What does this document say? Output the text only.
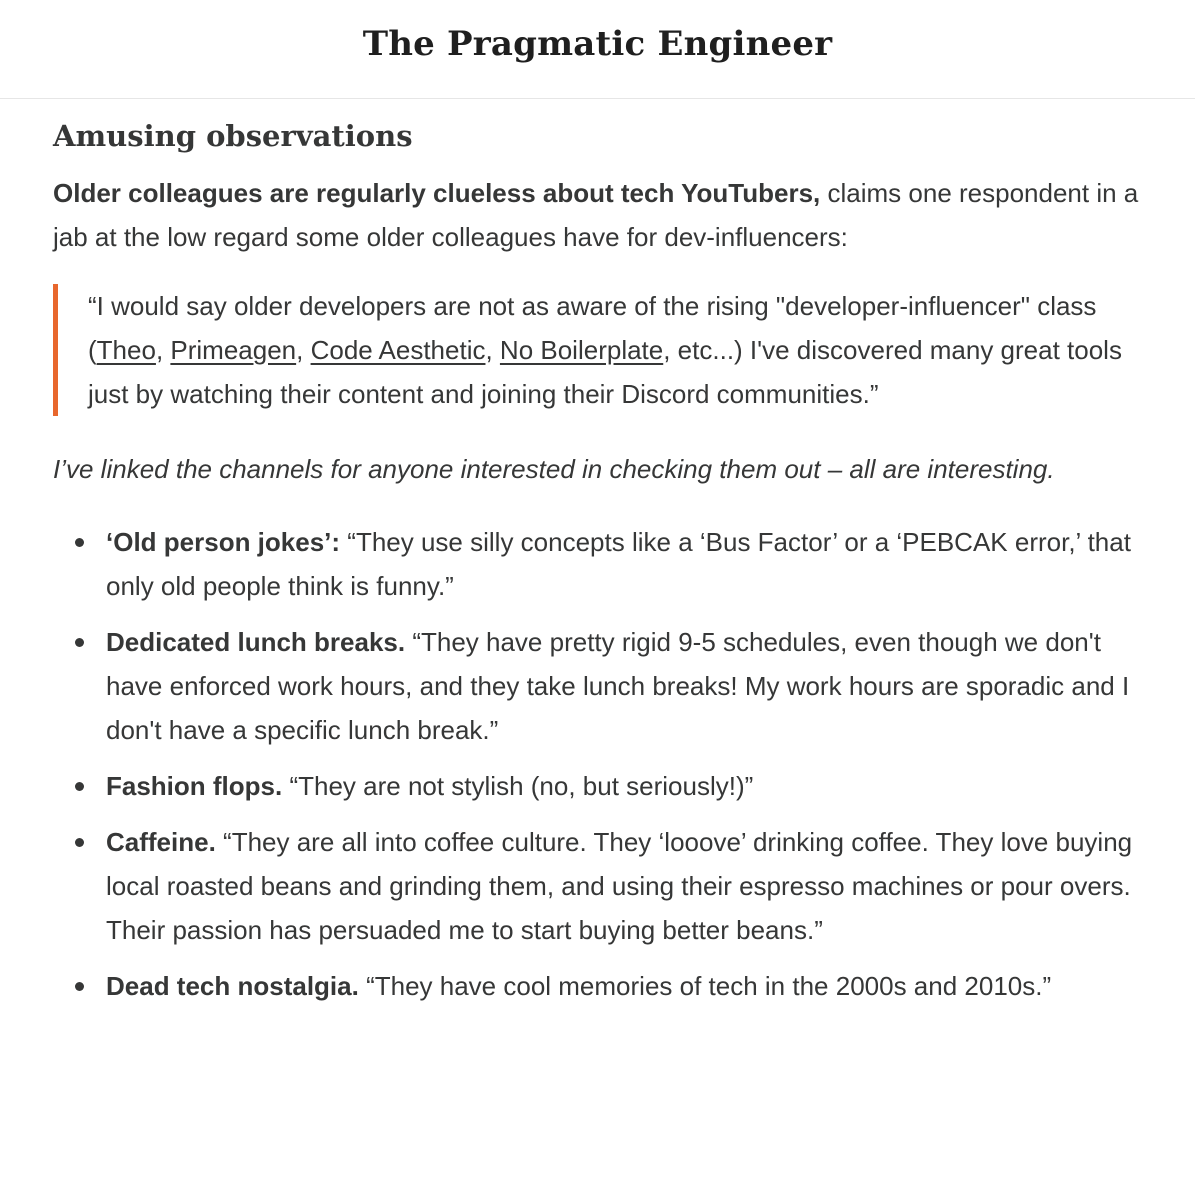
The Pragmatic Engineer
Amusing observations

Older colleagues are regularly clueless about tech YouTubers, claims one respondent in a jab at the low regard some older colleagues have for dev-influencers:

“I would say older developers are not as aware of the rising "developer-influencer" class (Theo, Primeagen, Code Aesthetic, No Boilerplate, etc...) I've discovered many great tools just by watching their content and joining their Discord communities.”

I’ve linked the channels for anyone interested in checking them out – all are interesting.

‘Old person jokes’: “They use silly concepts like a ‘Bus Factor’ or a ‘PEBCAK error,’ that only old people think is funny.”
Dedicated lunch breaks. “They have pretty rigid 9-5 schedules, even though we don't have enforced work hours, and they take lunch breaks! My work hours are sporadic and I don't have a specific lunch break.”
Fashion flops. “They are not stylish (no, but seriously!)”
Caffeine. “They are all into coffee culture. They ‘looove’ drinking coffee. They love buying local roasted beans and grinding them, and using their espresso machines or pour overs. Their passion has persuaded me to start buying better beans.”
Dead tech nostalgia. “They have cool memories of tech in the 2000s and 2010s.”
